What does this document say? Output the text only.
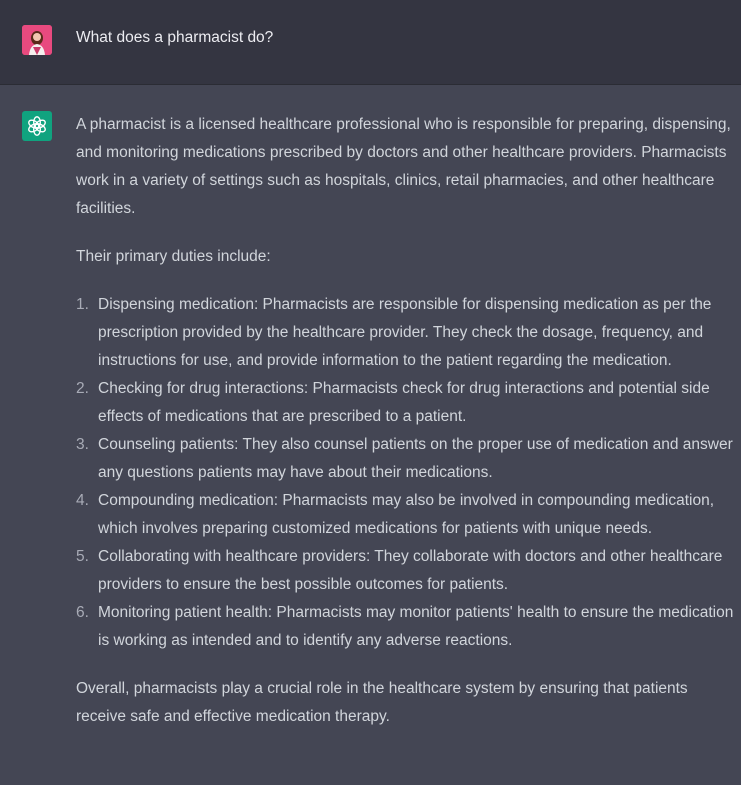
What does a pharmacist do?

A pharmacist is a licensed healthcare professional who is responsible for preparing, dispensing, and monitoring medications prescribed by doctors and other healthcare providers. Pharmacists work in a variety of settings such as hospitals, clinics, retail pharmacies, and other healthcare facilities.

Their primary duties include:

1. Dispensing medication: Pharmacists are responsible for dispensing medication as per the prescription provided by the healthcare provider. They check the dosage, frequency, and instructions for use, and provide information to the patient regarding the medication.
2. Checking for drug interactions: Pharmacists check for drug interactions and potential side effects of medications that are prescribed to a patient.
3. Counseling patients: They also counsel patients on the proper use of medication and answer any questions patients may have about their medications.
4. Compounding medication: Pharmacists may also be involved in compounding medication, which involves preparing customized medications for patients with unique needs.
5. Collaborating with healthcare providers: They collaborate with doctors and other healthcare providers to ensure the best possible outcomes for patients.
6. Monitoring patient health: Pharmacists may monitor patients' health to ensure the medication is working as intended and to identify any adverse reactions.

Overall, pharmacists play a crucial role in the healthcare system by ensuring that patients receive safe and effective medication therapy.
